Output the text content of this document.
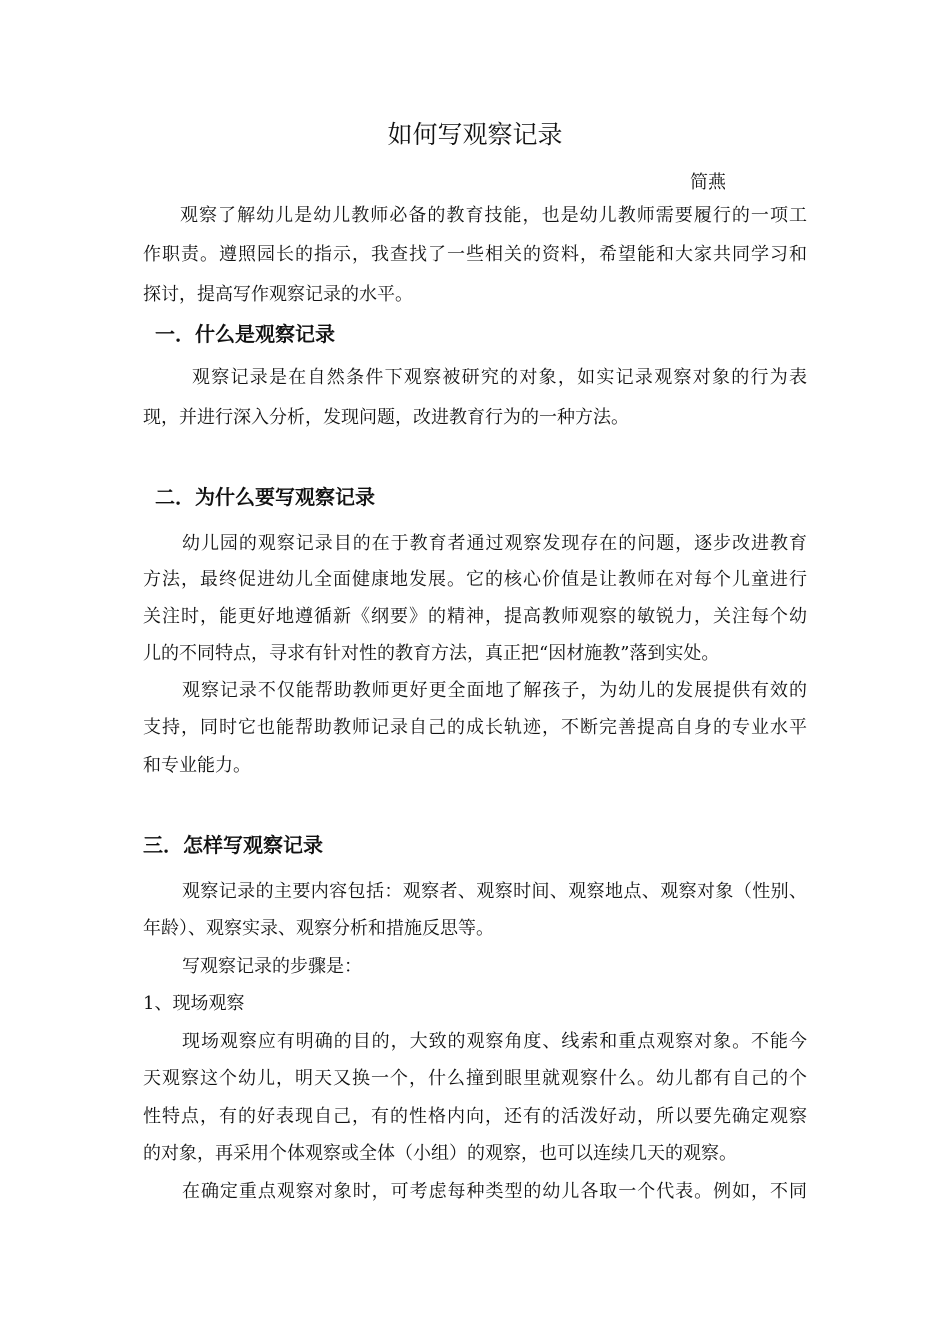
如何写观察记录
简燕
观察了解幼儿是幼儿教师必备的教育技能，也是幼儿教师需要履行的一项工
作职责。遵照园长的指示，我查找了一些相关的资料，希望能和大家共同学习和
探讨，提高写作观察记录的水平。
一．什么是观察记录
观察记录是在自然条件下观察被研究的对象，如实记录观察对象的行为表
现，并进行深入分析，发现问题，改进教育行为的一种方法。
二．为什么要写观察记录
幼儿园的观察记录目的在于教育者通过观察发现存在的问题，逐步改进教育
方法，最终促进幼儿全面健康地发展。它的核心价值是让教师在对每个儿童进行
关注时，能更好地遵循新《纲要》的精神，提高教师观察的敏锐力，关注每个幼
儿的不同特点，寻求有针对性的教育方法，真正把“因材施教”落到实处。
观察记录不仅能帮助教师更好更全面地了解孩子，为幼儿的发展提供有效的
支持，同时它也能帮助教师记录自己的成长轨迹，不断完善提高自身的专业水平
和专业能力。
三．怎样写观察记录
观察记录的主要内容包括：观察者、观察时间、观察地点、观察对象（性别、
年龄）、观察实录、观察分析和措施反思等。
写观察记录的步骤是：
1、现场观察
现场观察应有明确的目的，大致的观察角度、线索和重点观察对象。不能今
天观察这个幼儿，明天又换一个，什么撞到眼里就观察什么。幼儿都有自己的个
性特点，有的好表现自己，有的性格内向，还有的活泼好动，所以要先确定观察
的对象，再采用个体观察或全体（小组）的观察，也可以连续几天的观察。
在确定重点观察对象时，可考虑每种类型的幼儿各取一个代表。例如，不同
